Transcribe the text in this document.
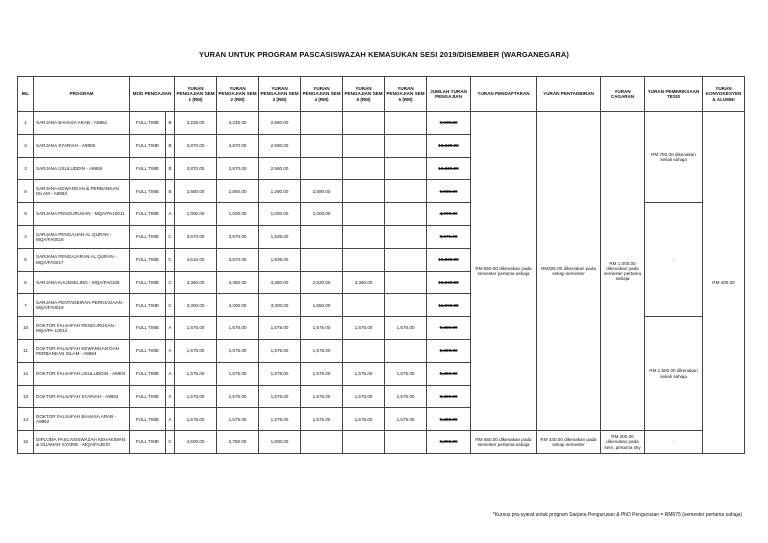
YURAN UNTUK PROGRAM PASCASISWAZAH KEMASUKAN SESI 2019/DISEMBER (WARGANEGARA)
BIL	PROGRAM	MOD PENGAJIAN		YURAN PENGAJIAN SEM 1 (RM)	YURAN PENGAJIAN SEM 2 (RM)	YURAN PENGAJIAN SEM 3 (RM)	YURAN PENGAJIAN SEM 4 (RM)	YURAN PENGAJIAN SEM 5 (RM)	YURAN PENGAJIAN SEM 6 (RM)	JUMLAH YURAN PENGAJIAN	YURAN PENDAFTARAN	YURAN PENTADBIRAN	YURAN CAGARAN	YURAN PEMERIKSAAN TESIS	YURAN KONVOKESYEN & ALUMNI
1	SARJANA BAHASA ARAB - A9861	FULL TIME	B	3,225.00	3,225.00	2,580.00				9,030.00	RM 550.00 dikenakan pada semester pertama sahaja	RM325.00 dikenakan pada setiap semester	RM 1,000.00 dikenakan pada semester pertama sahaja	RM 750.00 dikenakan sekali sahaja	RM 400.00
2	SARJANA SYARIAH - A9805	FULL TIME	B	3,870.00	3,870.00	2,580.00				10,320.00					
3	SARJANA USULUDDIN - A9806	FULL TIME	B	3,870.00	3,870.00	2,580.00				10,320.00					
8	SARJANA KEWANGAN & PERBANKAN ISLAM - A9863	FULL TIME	B	2,580.00	2,580.00	1,290.00	2,580.00			9,030.00					
9	SARJANA PENGURUSAN - MQA/PA10011	FULL TIME	A	1,000.00	1,000.00	1,000.00	1,000.00			4,000.00				-	
4	SARJANA PENGAJIAN AL QURAN - MQA/FA0018	FULL TIME	C	3,870.00	3,870.00	1,935.00				9,675.00					
5	SARJANA PENGAJARAN AL QURAN - MQA/FA0017	FULL TIME	C	4,515.00	3,870.00	1,935.00				10,320.00					
6	SARJANA KAUNSELING - MQA/FA0105	FULL TIME	C	3,360.00	3,360.00	3,360.00	2,520.00	3,360.00		15,960.00					
7	SARJANA PENTADBIRAN PERNIAGAAN - MQA/FA0019	FULL TIME	C	3,300.00	3,300.00	3,300.00	1,650.00			11,550.00					
10	DOKTOR FALSAFAH PENGURUSAN - MQA/PA 10012	FULL TIME	A	1,575.00	1,575.00	1,575.00	1,575.00	1,575.00	1,575.00	9,450.00				RM 1,500.00 dikenakan sekali sahaja	
11	DOKTOR FALSAFAH KEWANGAN DAN PERBANKAN ISLAM - A9864	FULL TIME	A	1,575.00	1,575.00	1,575.00	1,575.00			6,300.00					
12	DOKTOR FALSAFAH USULUDDIN - A9804	FULL TIME	A	1,575.00	1,575.00	1,575.00	1,575.00	1,575.00	1,575.00	9,450.00					
13	DOKTOR FALSAFAH SYARIAH - A9803	FULL TIME	A	1,575.00	1,575.00	1,575.00	1,575.00	1,575.00	1,575.00	9,450.00					
14	DOKTOR FALSAFAH BAHASA ARAB - A9862	FULL TIME	A	1,575.00	1,575.00	1,575.00	1,575.00	1,575.00	1,575.00	9,450.00					
15	DIPLOMA PASCASISWAZAH KEHAKIMAN & GUAMAN SYARIE - MQA/FA3670	FULL TIME	C	4,500.00	2,750.00	1,800.00				9,250.00	RM 660.00 dikenakan pada semester pertama sahaja	RM 340.00 dikenakan pada setiap semester	RM 400.00 dikenakan pada sem. pertama sky	-	
*Kursus pra-syarat untuk program Sarjana Pengurusan & PhD Pengurusan = RM675 (semester pertama sahaja)
